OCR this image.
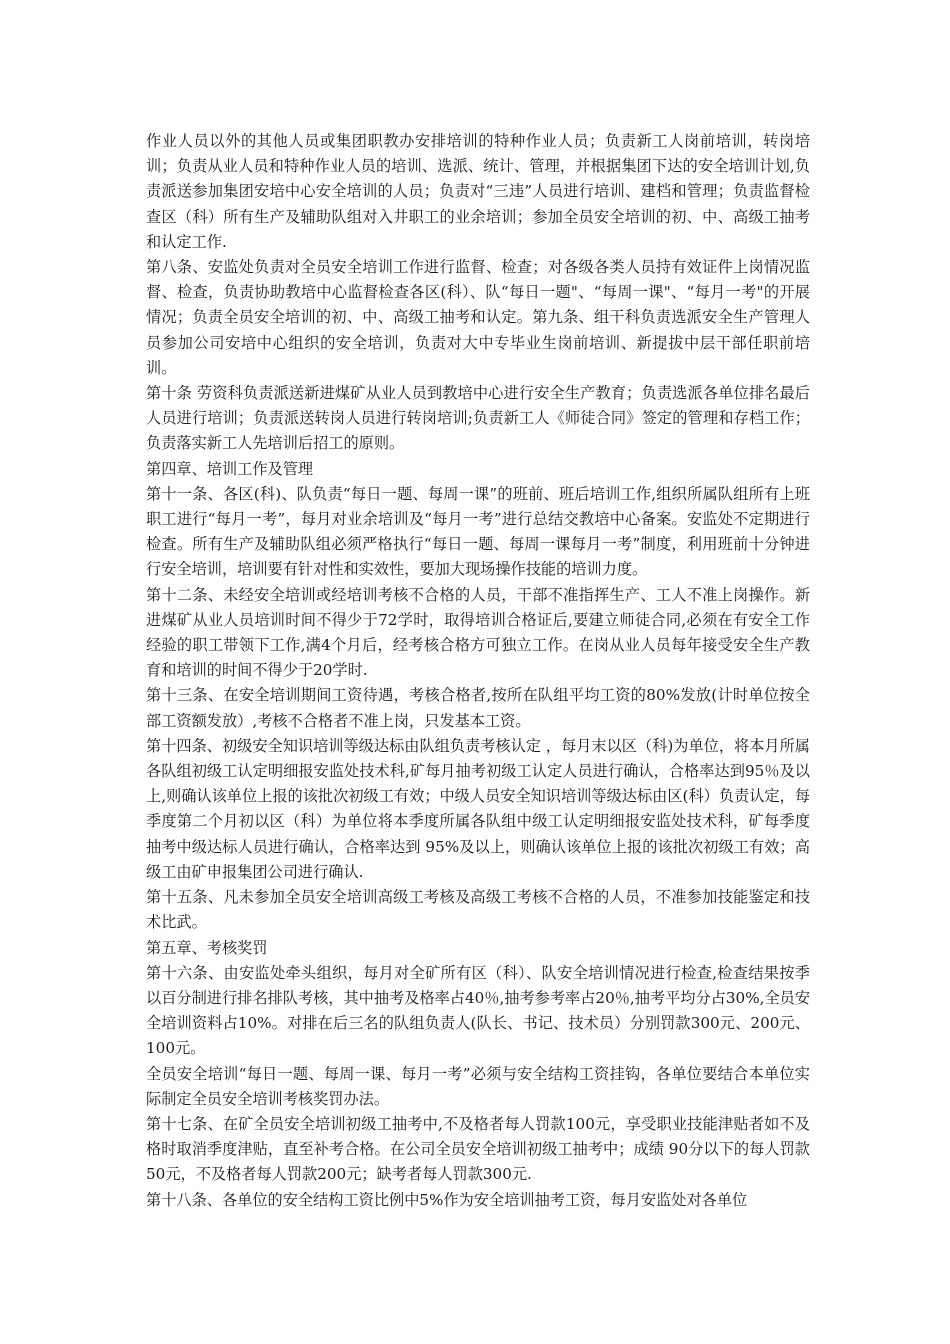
作业人员以外的其他人员或集团职教办安排培训的特种作业人员；负责新工人岗前培训，转岗培训；负责从业人员和特种作业人员的培训、选派、统计、管理，并根据集团下达的安全培训计划,负责派送参加集团安培中心安全培训的人员；负责对“三违”人员进行培训、建档和管理；负责监督检查区（科）所有生产及辅助队组对入井职工的业余培训；参加全员安全培训的初、中、高级工抽考和认定工作.

第八条、安监处负责对全员安全培训工作进行监督、检查；对各级各类人员持有效证件上岗情况监督、检查，负责协助教培中心监督检查各区(科）、队“每日一题"、“每周一课"、“每月一考"的开展情况；负责全员安全培训的初、中、高级工抽考和认定。第九条、组干科负责选派安全生产管理人员参加公司安培中心组织的安全培训，负责对大中专毕业生岗前培训、新提拔中层干部任职前培训。

第十条 劳资科负责派送新进煤矿从业人员到教培中心进行安全生产教育；负责选派各单位排名最后人员进行培训；负责派送转岗人员进行转岗培训;负责新工人《师徒合同》签定的管理和存档工作；负责落实新工人先培训后招工的原则。

第四章、培训工作及管理

第十一条、各区(科)、队负责“每日一题、每周一课”的班前、班后培训工作,组织所属队组所有上班职工进行“每月一考”，每月对业余培训及“每月一考”进行总结交教培中心备案。安监处不定期进行检查。所有生产及辅助队组必须严格执行“每日一题、每周一课每月一考”制度，利用班前十分钟进行安全培训，培训要有针对性和实效性，要加大现场操作技能的培训力度。

第十二条、未经安全培训或经培训考核不合格的人员，干部不准指挥生产、工人不准上岗操作。新进煤矿从业人员培训时间不得少于72学时，取得培训合格证后,要建立师徒合同,必须在有安全工作经验的职工带领下工作,满4个月后，经考核合格方可独立工作。在岗从业人员每年接受安全生产教育和培训的时间不得少于20学时.

第十三条、在安全培训期间工资待遇，考核合格者,按所在队组平均工资的80%发放(计时单位按全部工资额发放）,考核不合格者不准上岗，只发基本工资。

第十四条、初级安全知识培训等级达标由队组负责考核认定 ，每月末以区（科)为单位，将本月所属各队组初级工认定明细报安监处技术科,矿每月抽考初级工认定人员进行确认，合格率达到95％及以上,则确认该单位上报的该批次初级工有效；中级人员安全知识培训等级达标由区(科）负责认定，每季度第二个月初以区（科）为单位将本季度所属各队组中级工认定明细报安监处技术科，矿每季度抽考中级达标人员进行确认，合格率达到 95%及以上，则确认该单位上报的该批次初级工有效；高级工由矿申报集团公司进行确认.

第十五条、凡未参加全员安全培训高级工考核及高级工考核不合格的人员，不准参加技能鉴定和技术比武。

第五章、考核奖罚

第十六条、由安监处牵头组织，每月对全矿所有区（科）、队安全培训情况进行检查,检查结果按季以百分制进行排名排队考核，其中抽考及格率占40％,抽考参考率占20％,抽考平均分占30%,全员安全培训资料占10%。对排在后三名的队组负责人(队长、书记、技术员）分别罚款300元、200元、100元。

全员安全培训“每日一题、每周一课、每月一考”必须与安全结构工资挂钩，各单位要结合本单位实际制定全员安全培训考核奖罚办法。

第十七条、在矿全员安全培训初级工抽考中,不及格者每人罚款100元，享受职业技能津贴者如不及格时取消季度津贴，直至补考合格。在公司全员安全培训初级工抽考中；成绩 90分以下的每人罚款50元，不及格者每人罚款200元；缺考者每人罚款300元.

第十八条、各单位的安全结构工资比例中5%作为安全培训抽考工资，每月安监处对各单位
